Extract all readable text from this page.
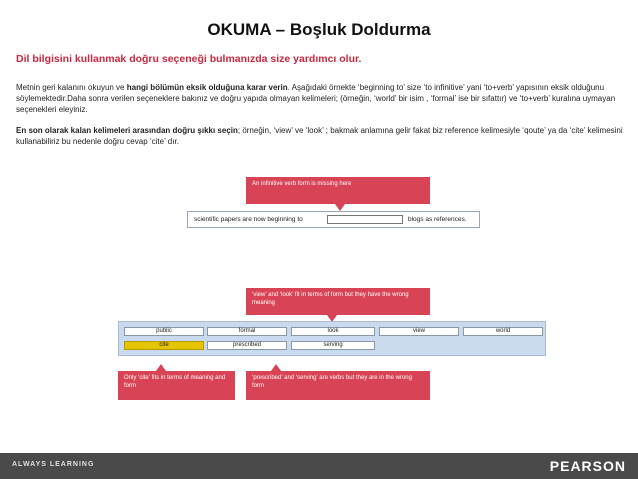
OKUMA – Boşluk Doldurma
Dil bilgisini kullanmak doğru seçeneği bulmanızda size yardımcı olur.
Metnin geri kalanını okuyun ve hangi bölümün eksik olduğuna karar verin. Aşağıdaki örnekte ‘beginning to’ size ‘to infinitive’ yani ‘to+verb’ yapısının eksik olduğunu söylemektedir.Daha sonra verilen seçeneklere bakınız ve doğru yapıda olmayan kelimeleri; (örneğin, ‘world’ bir isim , ‘formal’ ise bir sıfattır) ve ‘to+verb’ kuralına uymayan seçenekleri eleyiniz.
En son olarak kalan kelimeleri arasından doğru şıkkı seçin; örneğin, ‘view’ ve ‘look’ ; bakmak anlamına gelir fakat biz reference kelimesiyle ‘qoute’ ya da ‘cite’ kelimesini kullanabiliriz bu nedenle doğru cevap ‘cite’ dır.
An infinitive verb form is missing here
scientific papers are now beginning to	blogs as references.
‘view’ and ‘look’ fit in terms of form but they have the wrong meaning
public	formal	look	view	world
cite	prescribed	serving
Only ‘cite’ fits in terms of meaning and form
‘prescribed’ and ‘serving’ are verbs but they are in the wrong form
ALWAYS LEARNING	PEARSON
